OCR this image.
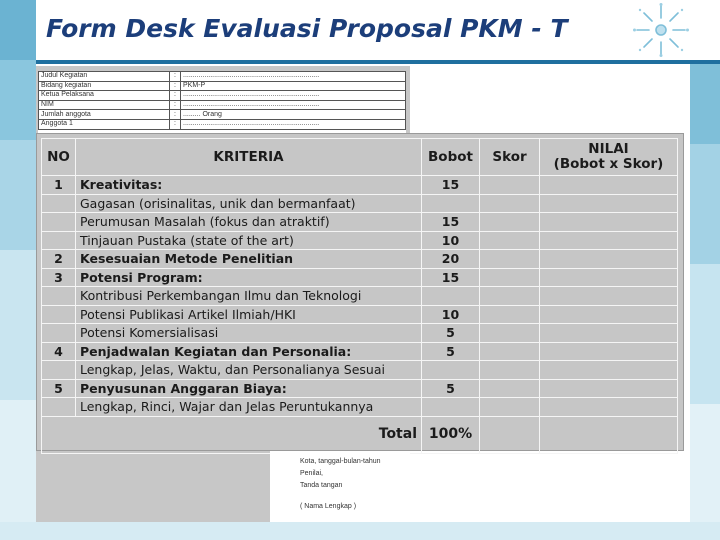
Form Desk Evaluasi Proposal PKM - T
Judul Kegiatan	:	......................................................................
Bidang kegiatan	:	PKM-P
Ketua Pelaksana	:	......................................................................
NIM	:	......................................................................
Jumlah anggota	:	......... Orang
Anggota 1	:	......................................................................
NO	KRITERIA	Bobot	Skor	NILAI
(Bobot x Skor)

1	Kreativitas:	15		
	Gagasan (orisinalitas, unik dan bermanfaat)			
	Perumusan Masalah (fokus dan atraktif)	15		
	Tinjauan Pustaka (state of the art)	10		
2	Kesesuaian Metode Penelitian	20		
3	Potensi Program:	15		
	Kontribusi Perkembangan Ilmu dan Teknologi			
	Potensi Publikasi Artikel Ilmiah/HKI	10		
	Potensi Komersialisasi	5		
4	Penjadwalan Kegiatan dan Personalia:	5		
	Lengkap, Jelas, Waktu, dan Personalianya Sesuai			
5	Penyusunan Anggaran Biaya:	5		
	Lengkap, Rinci, Wajar dan Jelas Peruntukannya			
Total		100%		
Kota, tanggal-bulan-tahun
Penilai,
Tanda tangan
( Nama Lengkap )
